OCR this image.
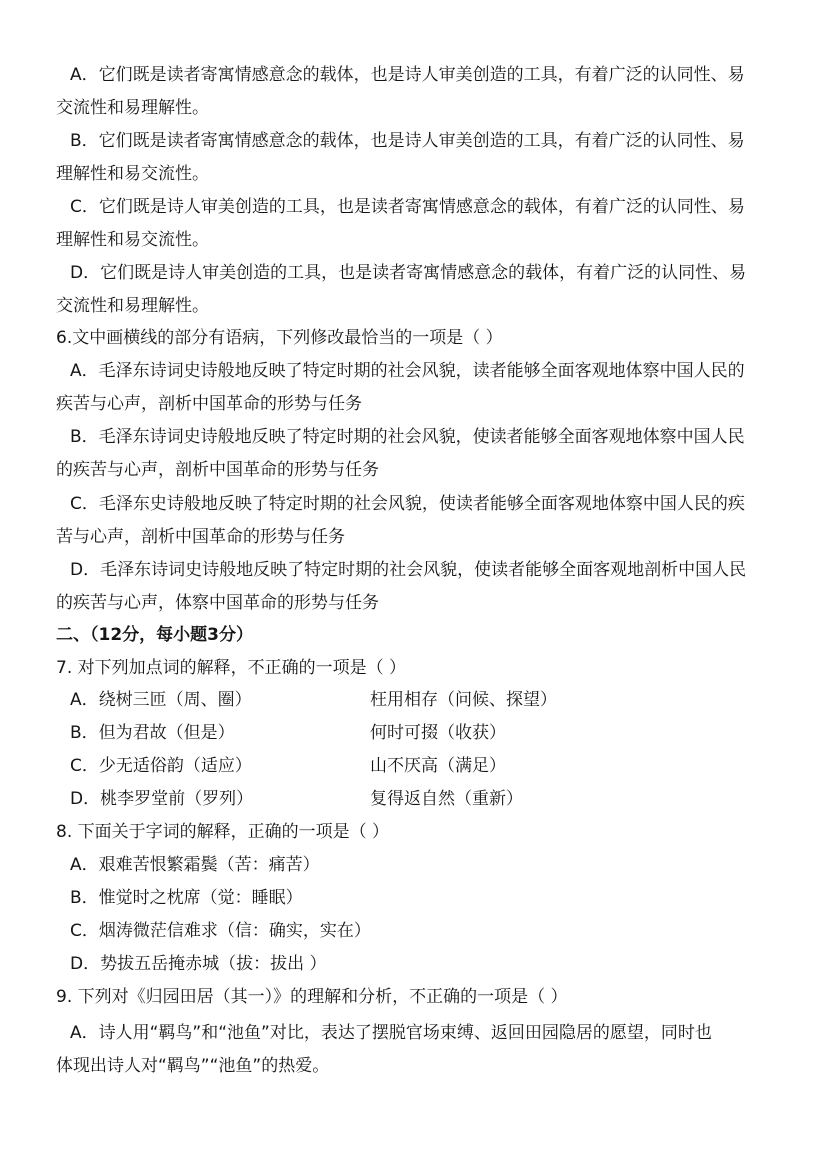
A．它们既是读者寄寓情感意念的载体，也是诗人审美创造的工具，有着广泛的认同性、易
交流性和易理解性。
B．它们既是读者寄寓情感意念的载体，也是诗人审美创造的工具，有着广泛的认同性、易
理解性和易交流性。
C．它们既是诗人审美创造的工具，也是读者寄寓情感意念的载体，有着广泛的认同性、易
理解性和易交流性。
D．它们既是诗人审美创造的工具，也是读者寄寓情感意念的载体，有着广泛的认同性、易
交流性和易理解性。
6.文中画横线的部分有语病，下列修改最恰当的一项是（ ）
A．毛泽东诗词史诗般地反映了特定时期的社会风貌，读者能够全面客观地体察中国人民的
疾苦与心声，剖析中国革命的形势与任务
B．毛泽东诗词史诗般地反映了特定时期的社会风貌，使读者能够全面客观地体察中国人民
的疾苦与心声，剖析中国革命的形势与任务
C．毛泽东史诗般地反映了特定时期的社会风貌，使读者能够全面客观地体察中国人民的疾
苦与心声，剖析中国革命的形势与任务
D．毛泽东诗词史诗般地反映了特定时期的社会风貌，使读者能够全面客观地剖析中国人民
的疾苦与心声，体察中国革命的形势与任务
二、（12分，每小题3分）
7. 对下列加点词的解释，不正确的一项是（ ）
A．绕树三匝（周、圈）	枉用相存（问候、探望）
B．但为君故（但是）	何时可掇（收获）
C．少无适俗韵（适应）	山不厌高（满足）
D．桃李罗堂前（罗列）	复得返自然（重新）
8. 下面关于字词的解释，正确的一项是（ ）
A．艰难苦恨繁霜鬓（苦：痛苦）
B．惟觉时之枕席（觉：睡眠）
C．烟涛微茫信难求（信：确实，实在）
D．势拔五岳掩赤城（拔：拔出 ）
9. 下列对《归园田居（其一）》的理解和分析，不正确的一项是（ ）
A．诗人用“羁鸟”和“池鱼”对比，表达了摆脱官场束缚、返回田园隐居的愿望，同时也
体现出诗人对“羁鸟”“池鱼”的热爱。
